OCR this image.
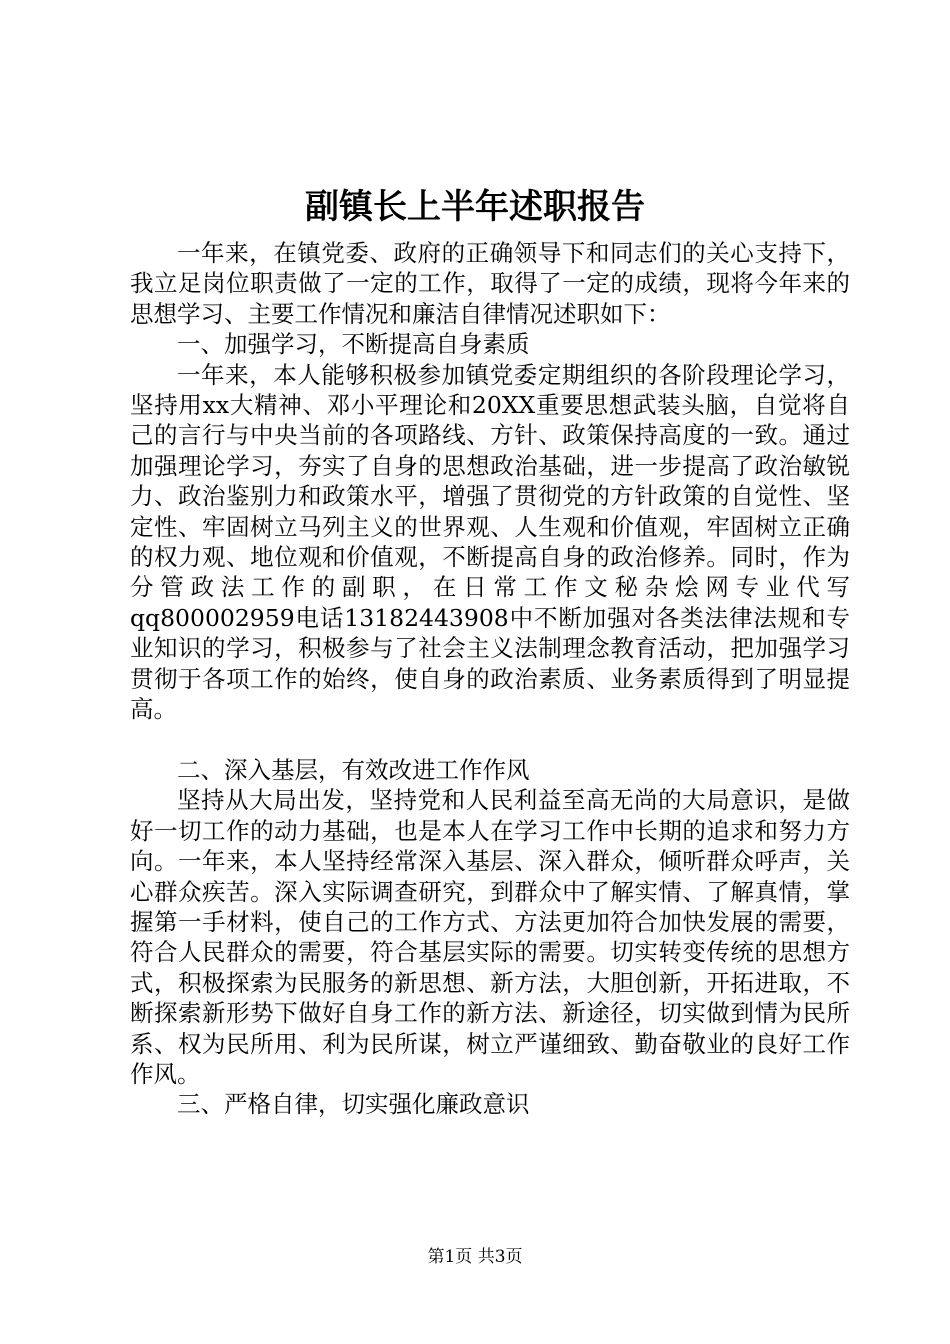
副镇长上半年述职报告

一年来，在镇党委、政府的正确领导下和同志们的关心支持下，我立足岗位职责做了一定的工作，取得了一定的成绩，现将今年来的思想学习、主要工作情况和廉洁自律情况述职如下：

一、加强学习，不断提高自身素质

一年来，本人能够积极参加镇党委定期组织的各阶段理论学习，坚持用xx大精神、邓小平理论和20XX重要思想武装头脑，自觉将自己的言行与中央当前的各项路线、方针、政策保持高度的一致。通过加强理论学习，夯实了自身的思想政治基础，进一步提高了政治敏锐力、政治鉴别力和政策水平，增强了贯彻党的方针政策的自觉性、坚定性、牢固树立马列主义的世界观、人生观和价值观，牢固树立正确的权力观、地位观和价值观，不断提高自身的政治修养。同时，作为分管政法工作的副职，在日常工作文秘杂烩网专业代写qq800002959电话13182443908中不断加强对各类法律法规和专业知识的学习，积极参与了社会主义法制理念教育活动，把加强学习贯彻于各项工作的始终，使自身的政治素质、业务素质得到了明显提高。

二、深入基层，有效改进工作作风

坚持从大局出发，坚持党和人民利益至高无尚的大局意识，是做好一切工作的动力基础，也是本人在学习工作中长期的追求和努力方向。一年来，本人坚持经常深入基层、深入群众，倾听群众呼声，关心群众疾苦。深入实际调查研究，到群众中了解实情、了解真情，掌握第一手材料，使自己的工作方式、方法更加符合加快发展的需要，符合人民群众的需要，符合基层实际的需要。切实转变传统的思想方式，积极探索为民服务的新思想、新方法，大胆创新，开拓进取，不断探索新形势下做好自身工作的新方法、新途径，切实做到情为民所系、权为民所用、利为民所谋，树立严谨细致、勤奋敬业的良好工作作风。

三、严格自律，切实强化廉政意识

第1页 共3页
